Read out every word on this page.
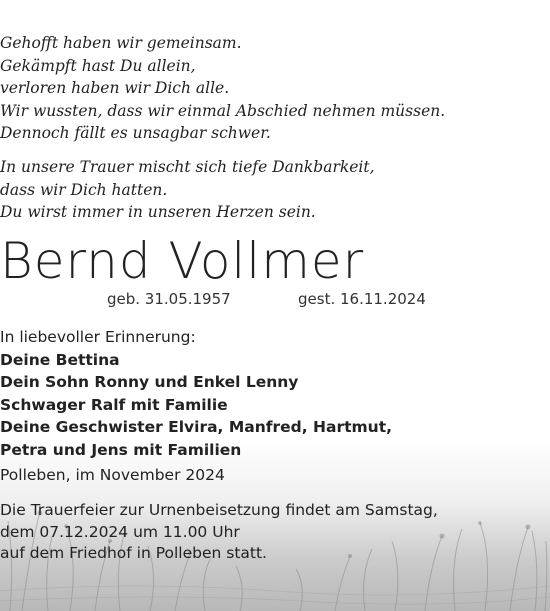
Gehofft haben wir gemeinsam.
Gekämpft hast Du allein,
verloren haben wir Dich alle.
Wir wussten, dass wir einmal Abschied nehmen müssen.
Dennoch fällt es unsagbar schwer.
In unsere Trauer mischt sich tiefe Dankbarkeit,
dass wir Dich hatten.
Du wirst immer in unseren Herzen sein.
Bernd Vollmer
geb. 31.05.1957	gest. 16.11.2024
In liebevoller Erinnerung:
Deine Bettina
Dein Sohn Ronny und Enkel Lenny
Schwager Ralf mit Familie
Deine Geschwister Elvira, Manfred, Hartmut,
Petra und Jens mit Familien
Polleben, im November 2024
Die Trauerfeier zur Urnenbeisetzung findet am Samstag,
dem 07.12.2024 um 11.00 Uhr
auf dem Friedhof in Polleben statt.
